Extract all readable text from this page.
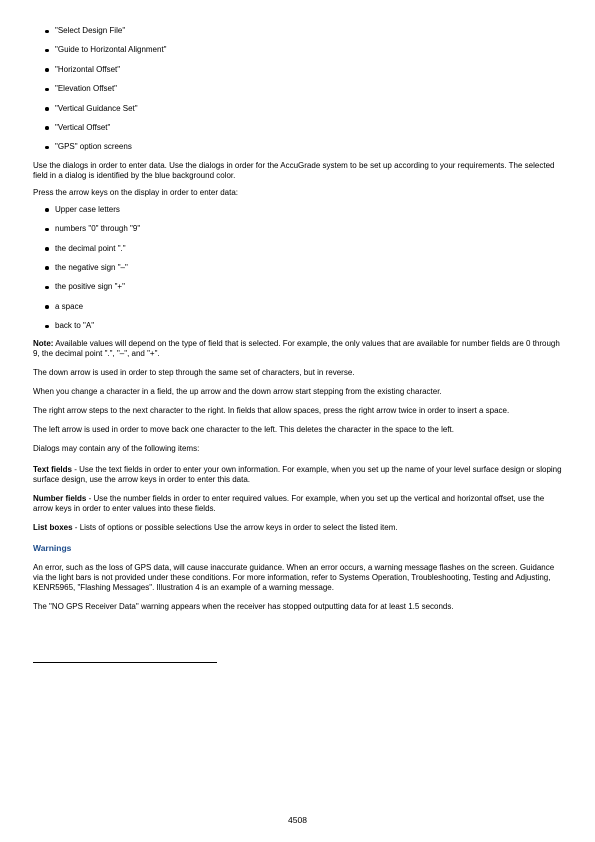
"Select Design File"
"Guide to Horizontal Alignment"
"Horizontal Offset"
"Elevation Offset"
"Vertical Guidance Set"
"Vertical Offset"
"GPS" option screens

Use the dialogs in order to enter data. Use the dialogs in order for the AccuGrade system to be set up according to your requirements. The selected field in a dialog is identified by the blue background color.

Press the arrow keys on the display in order to enter data:

Upper case letters
numbers "0" through "9"
the decimal point "."
the negative sign "–"
the positive sign "+"
a space
back to "A"

Note: Available values will depend on the type of field that is selected. For example, the only values that are available for number fields are 0 through 9, the decimal point ".", "–", and "+".

The down arrow is used in order to step through the same set of characters, but in reverse.

When you change a character in a field, the up arrow and the down arrow start stepping from the existing character.

The right arrow steps to the next character to the right. In fields that allow spaces, press the right arrow twice in order to insert a space.

The left arrow is used in order to move back one character to the left. This deletes the character in the space to the left.

Dialogs may contain any of the following items:

Text fields - Use the text fields in order to enter your own information. For example, when you set up the name of your level surface design or sloping surface design, use the arrow keys in order to enter this data.

Number fields - Use the number fields in order to enter required values. For example, when you set up the vertical and horizontal offset, use the arrow keys in order to enter values into these fields.

List boxes - Lists of options or possible selections Use the arrow keys in order to select the listed item.

Warnings

An error, such as the loss of GPS data, will cause inaccurate guidance. When an error occurs, a warning message flashes on the screen. Guidance via the light bars is not provided under these conditions. For more information, refer to Systems Operation, Troubleshooting, Testing and Adjusting, KENR5965, "Flashing Messages". Illustration 4 is an example of a warning message.

The "NO GPS Receiver Data" warning appears when the receiver has stopped outputting data for at least 1.5 seconds.

4508
